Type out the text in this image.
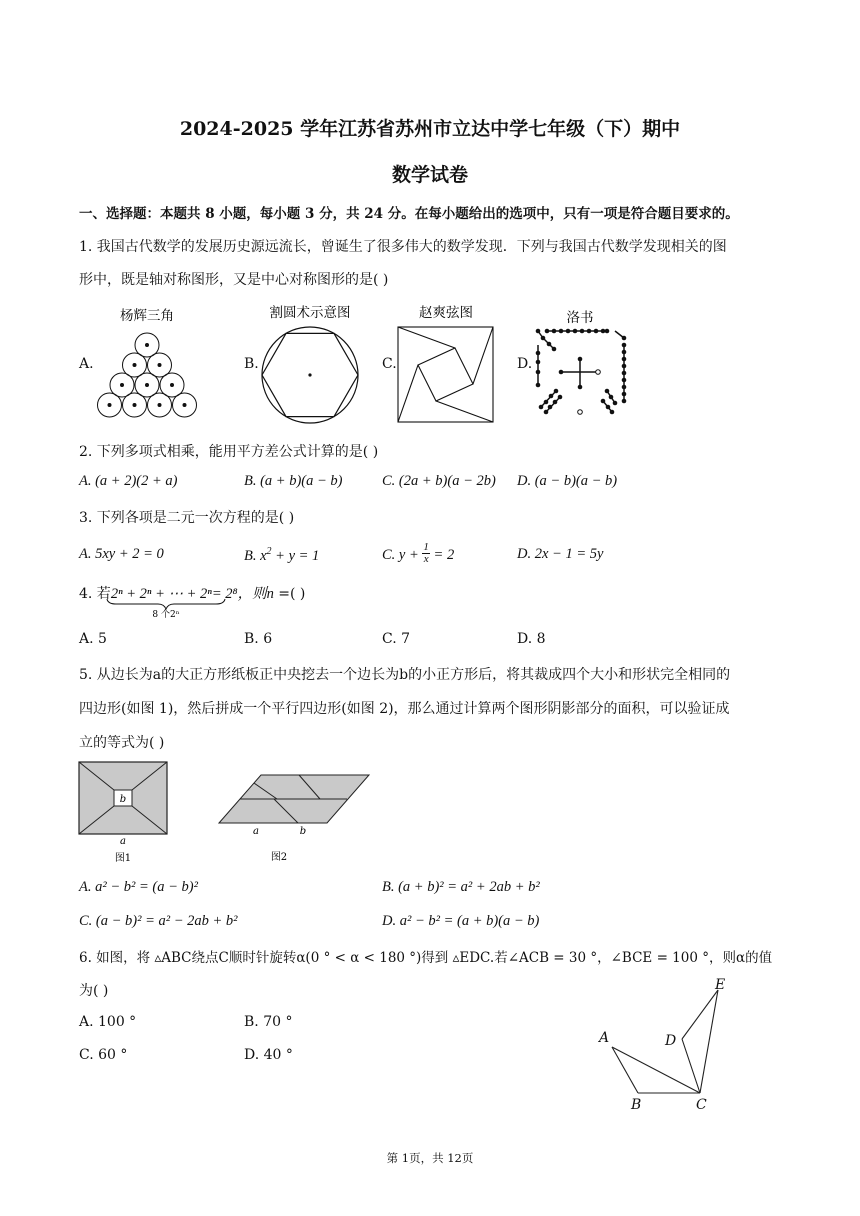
2024-2025 学年江苏省苏州市立达中学七年级（下）期中
数学试卷
一、选择题：本题共 8 小题，每小题 3 分，共 24 分。在每小题给出的选项中，只有一项是符合题目要求的。
1. 我国古代数学的发展历史源远流长，曾诞生了很多伟大的数学发现．下列与我国古代数学发现相关的图
形中，既是轴对称图形，又是中心对称图形的是( )
A.	B.	C.	D.
杨辉三角	割圆术示意图	赵爽弦图	洛书
2. 下列多项式相乘，能用平方差公式计算的是( )
A. (a + 2)(2 + a)	B. (a + b)(a − b)	C. (2a + b)(a − 2b) D. (a − b)(a − b)
3. 下列各项是二元一次方程的是( )
A. 5xy + 2 = 0	B. $x^2 + y = 1$	C. $y + \frac{1}{x} = 2$	D. 2x − 1 = 5y
4. 若2ⁿ + 2ⁿ + ⋯ + 2ⁿ= 2⁸，则n =( )
8 个2ⁿ
A. 5	B. 6	C. 7	D. 8
5. 从边长为a的大正方形纸板正中央挖去一个边长为b的小正方形后，将其裁成四个大小和形状完全相同的
四边形(如图 1)，然后拼成一个平行四边形(如图 2)，那么通过计算两个图形阴影部分的面积，可以验证成
立的等式为( )
b
a
图1
a	b
图2
A. a² − b² = (a − b)²	B. (a + b)² = a² + 2ab + b²
C. (a − b)² = a² − 2ab + b²	D. a² − b² = (a + b)(a − b)
6. 如图，将 ▵ABC绕点C顺时针旋转α(0 ° < α < 180 °)得到 ▵EDC.若∠ACB = 30 °，∠BCE = 100 °，则α的值
为( )
A. 100 °	B. 70 °
C. 60 °	D. 40 °
A
B	C
D
E
第 1页，共 12页
